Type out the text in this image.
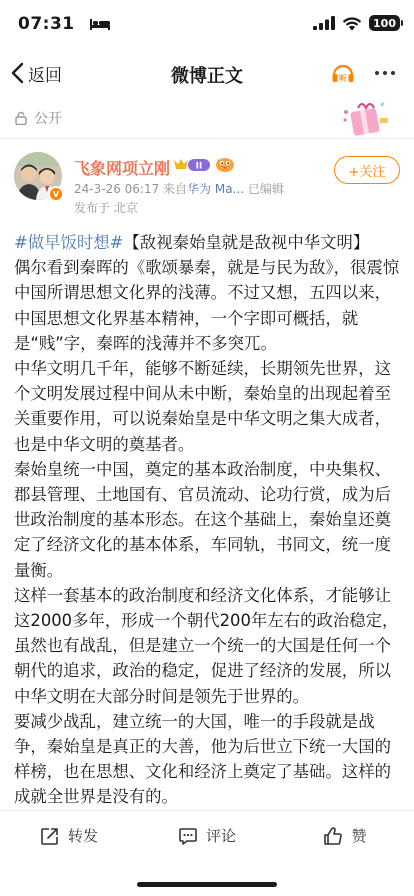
07:31	100
返回	微博正文	听
公开
V
飞象网项立刚	II
24-3-26 06:17 来自华为 Ma... 已编辑
发布于 北京
+关注

#做早饭时想#【敌视秦始皇就是敌视中华文明】
偶尔看到秦晖的《歌颂暴秦，就是与民为敌》，很震惊中国所谓思想文化界的浅薄。不过又想，五四以来，中国思想文化界基本精神，一个字即可概括，就是“贱”字，秦晖的浅薄并不多突兀。

中华文明几千年，能够不断延续，长期领先世界，这个文明发展过程中间从未中断，秦始皇的出现起着至关重要作用，可以说秦始皇是中华文明之集大成者，也是中华文明的奠基者。

秦始皇统一中国，奠定的基本政治制度，中央集权、郡县管理、土地国有、官员流动、论功行赏，成为后世政治制度的基本形态。在这个基础上，秦始皇还奠定了经济文化的基本体系，车同轨，书同文，统一度量衡。

这样一套基本的政治制度和经济文化体系，才能够让这2000多年，形成一个朝代200年左右的政治稳定，虽然也有战乱，但是建立一个统一的大国是任何一个朝代的追求，政治的稳定，促进了经济的发展，所以中华文明在大部分时间是领先于世界的。

要减少战乱，建立统一的大国，唯一的手段就是战争，秦始皇是真正的大善，他为后世立下统一大国的样榜，也在思想、文化和经济上奠定了基础。这样的成就全世界是没有的。

转发	评论	赞
